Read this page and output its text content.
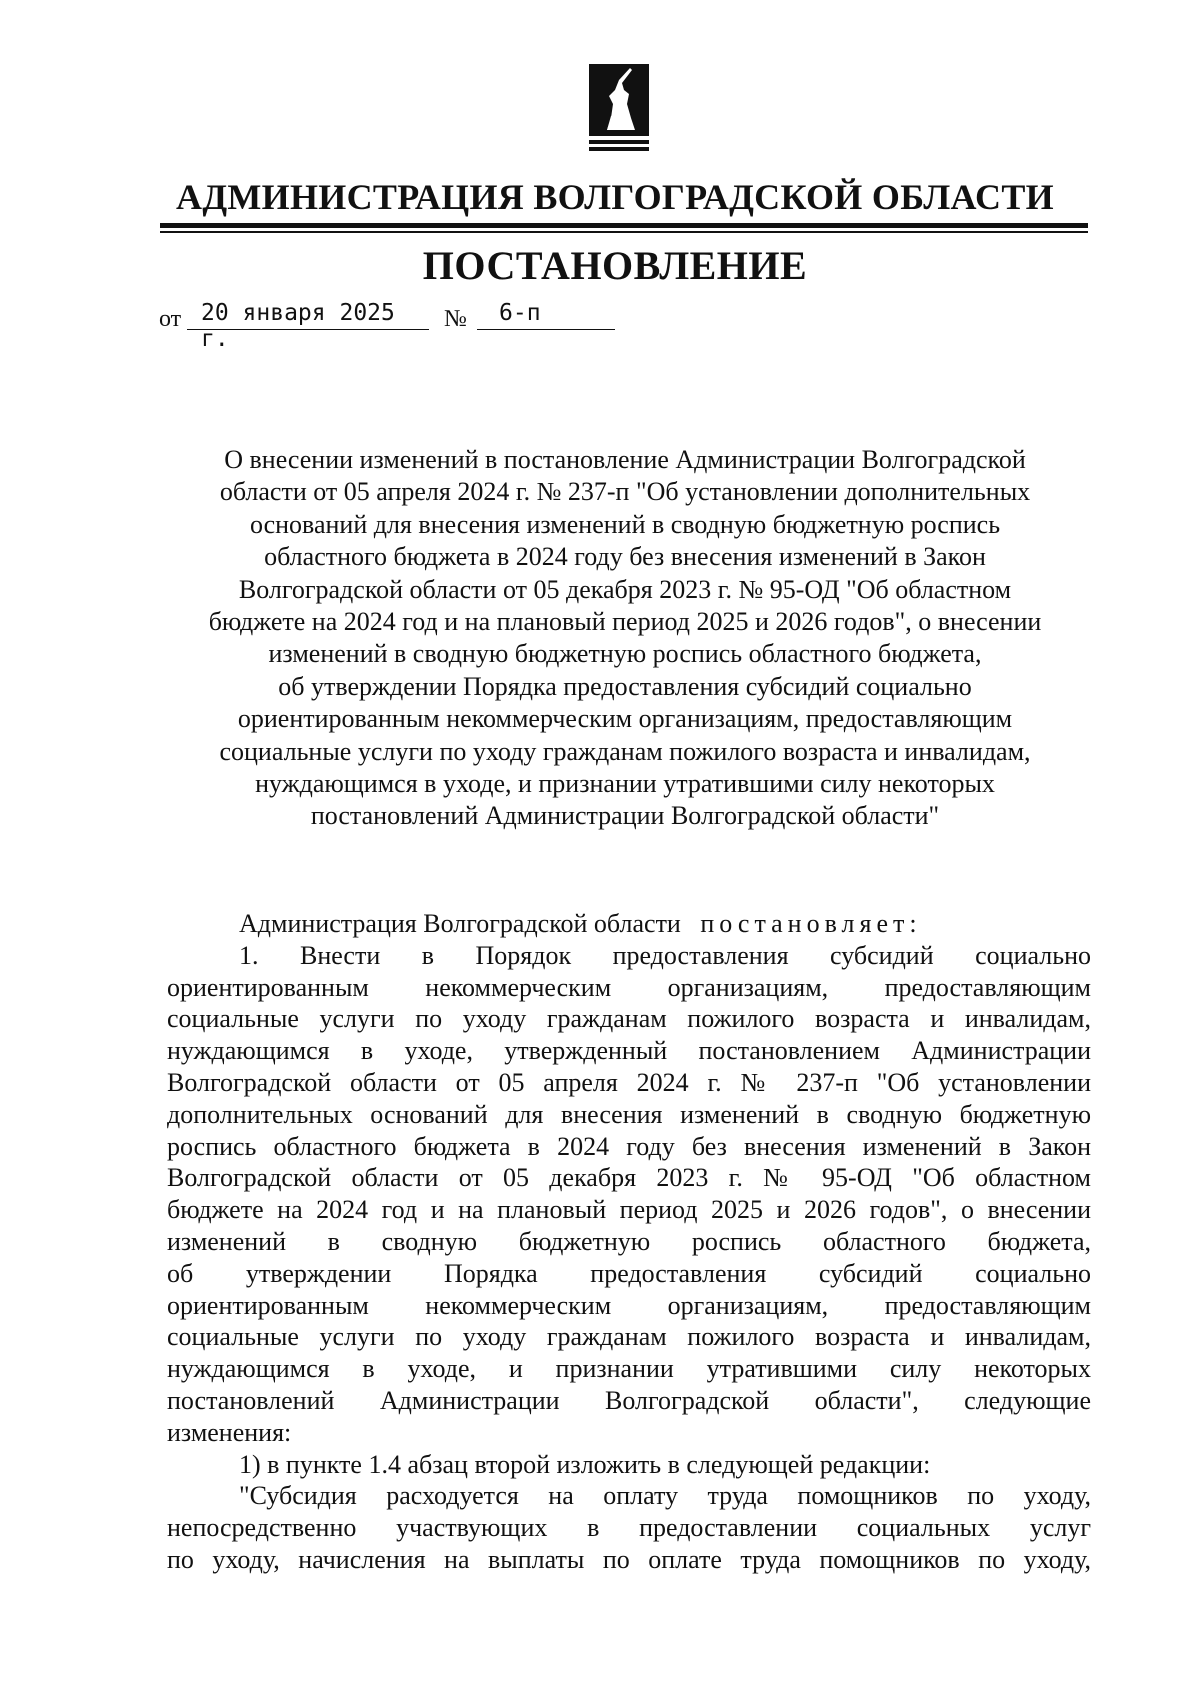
АДМИНИСТРАЦИЯ ВОЛГОГРАДСКОЙ ОБЛАСТИ
ПОСТАНОВЛЕНИЕ
от 20 января 2025 г.
№	6-п
О внесении изменений в постановление Администрации Волгоградской
области от 05 апреля 2024 г. № 237-п "Об установлении дополнительных
оснований для внесения изменений в сводную бюджетную роспись
областного бюджета в 2024 году без внесения изменений в Закон
Волгоградской области от 05 декабря 2023 г. № 95-ОД "Об областном
бюджете на 2024 год и на плановый период 2025 и 2026 годов", о внесении
изменений в сводную бюджетную роспись областного бюджета,
об утверждении Порядка предоставления субсидий социально
ориентированным некоммерческим организациям, предоставляющим
социальные услуги по уходу гражданам пожилого возраста и инвалидам,
нуждающимся в уходе, и признании утратившими силу некоторых
постановлений Администрации Волгоградской области"
Администрация Волгоградской области постановляет:
1. Внести в Порядок предоставления субсидий социально
ориентированным некоммерческим организациям, предоставляющим
социальные услуги по уходу гражданам пожилого возраста и инвалидам,
нуждающимся в уходе, утвержденный постановлением Администрации
Волгоградской области от 05 апреля 2024 г. № 237-п "Об установлении
дополнительных оснований для внесения изменений в сводную бюджетную
роспись областного бюджета в 2024 году без внесения изменений в Закон
Волгоградской области от 05 декабря 2023 г. № 95-ОД "Об областном
бюджете на 2024 год и на плановый период 2025 и 2026 годов", о внесении
изменений в сводную бюджетную роспись областного бюджета,
об утверждении Порядка предоставления субсидий социально
ориентированным некоммерческим организациям, предоставляющим
социальные услуги по уходу гражданам пожилого возраста и инвалидам,
нуждающимся в уходе, и признании утратившими силу некоторых
постановлений Администрации Волгоградской области", следующие
изменения:
1) в пункте 1.4 абзац второй изложить в следующей редакции:
"Субсидия расходуется на оплату труда помощников по уходу,
непосредственно участвующих в предоставлении социальных услуг
по уходу, начисления на выплаты по оплате труда помощников по уходу,
